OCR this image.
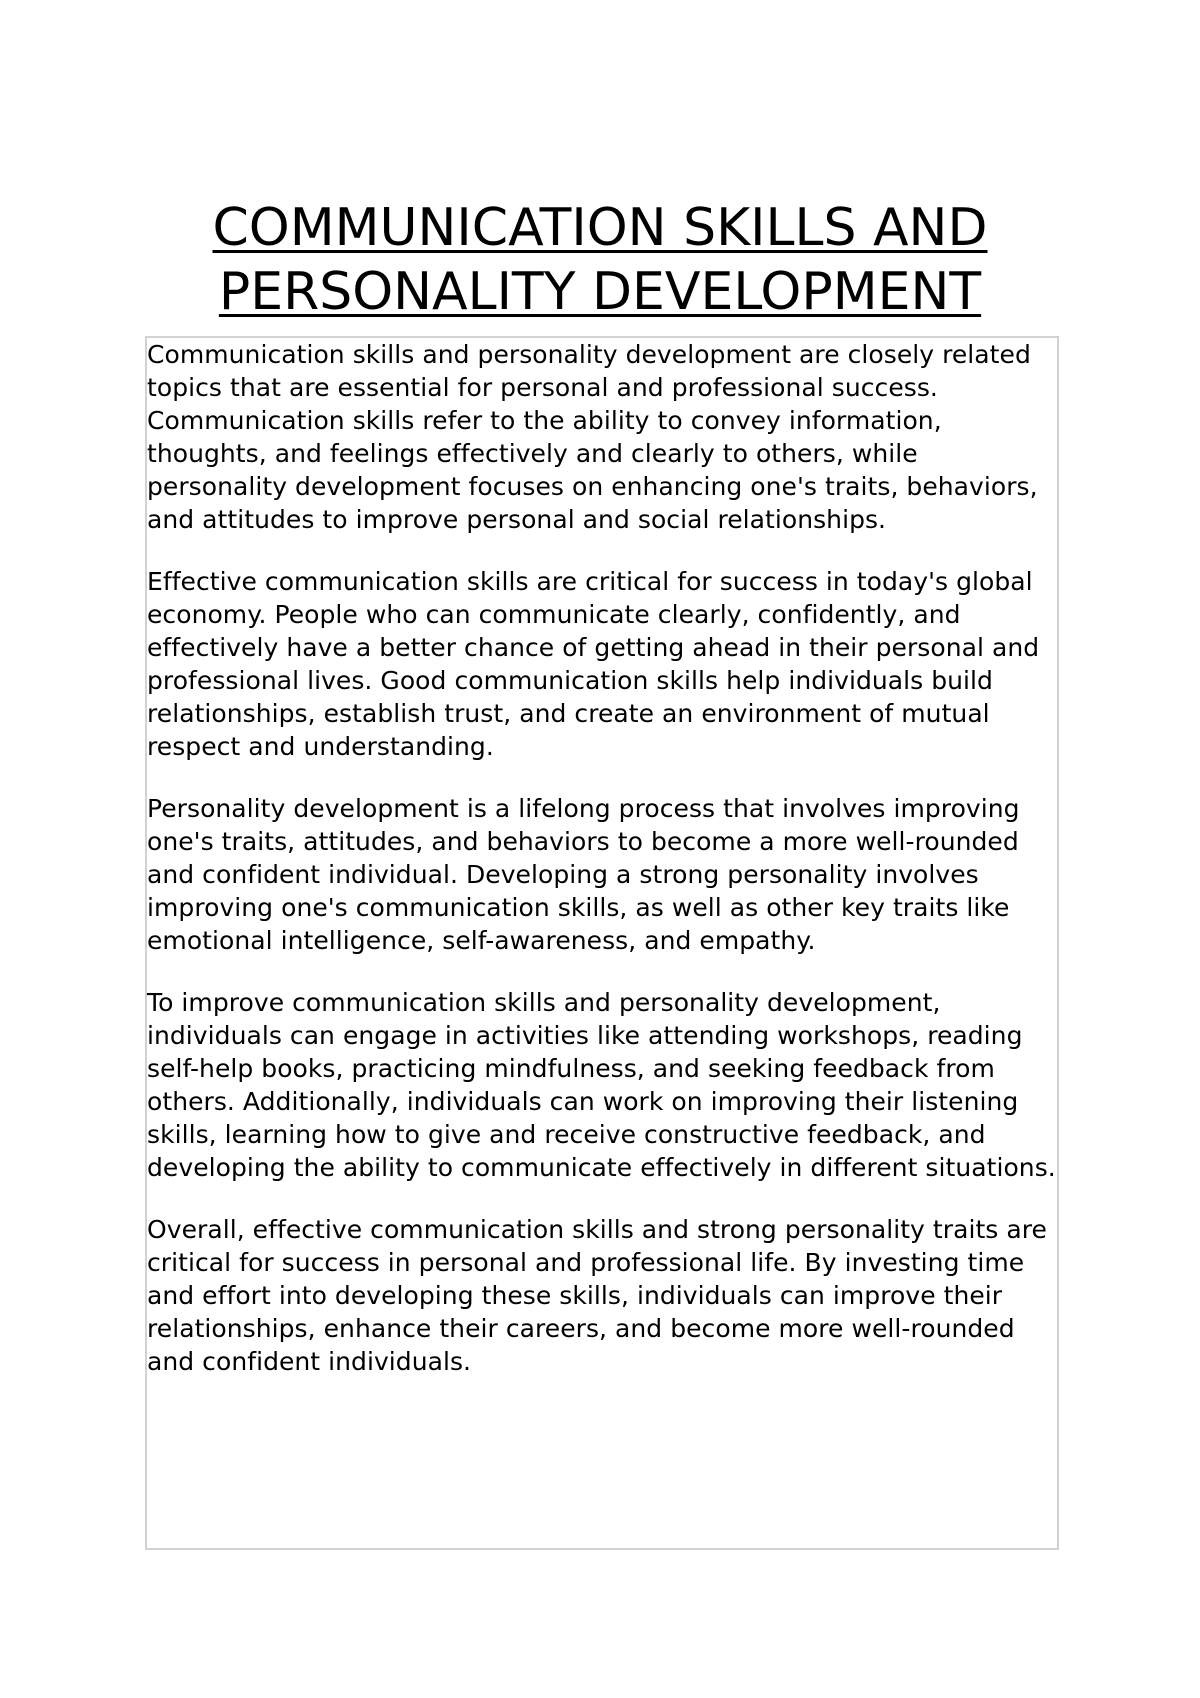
COMMUNICATION SKILLS AND
PERSONALITY DEVELOPMENT

Communication skills and personality development are closely related topics that are essential for personal and professional success. Communication skills refer to the ability to convey information, thoughts, and feelings effectively and clearly to others, while personality development focuses on enhancing one's traits, behaviors, and attitudes to improve personal and social relationships.

Effective communication skills are critical for success in today's global economy. People who can communicate clearly, confidently, and effectively have a better chance of getting ahead in their personal and professional lives. Good communication skills help individuals build relationships, establish trust, and create an environment of mutual respect and understanding.

Personality development is a lifelong process that involves improving one's traits, attitudes, and behaviors to become a more well-rounded and confident individual. Developing a strong personality involves improving one's communication skills, as well as other key traits like emotional intelligence, self-awareness, and empathy.

To improve communication skills and personality development, individuals can engage in activities like attending workshops, reading self-help books, practicing mindfulness, and seeking feedback from others. Additionally, individuals can work on improving their listening skills, learning how to give and receive constructive feedback, and developing the ability to communicate effectively in different situations.

Overall, effective communication skills and strong personality traits are critical for success in personal and professional life. By investing time and effort into developing these skills, individuals can improve their relationships, enhance their careers, and become more well-rounded and confident individuals.
